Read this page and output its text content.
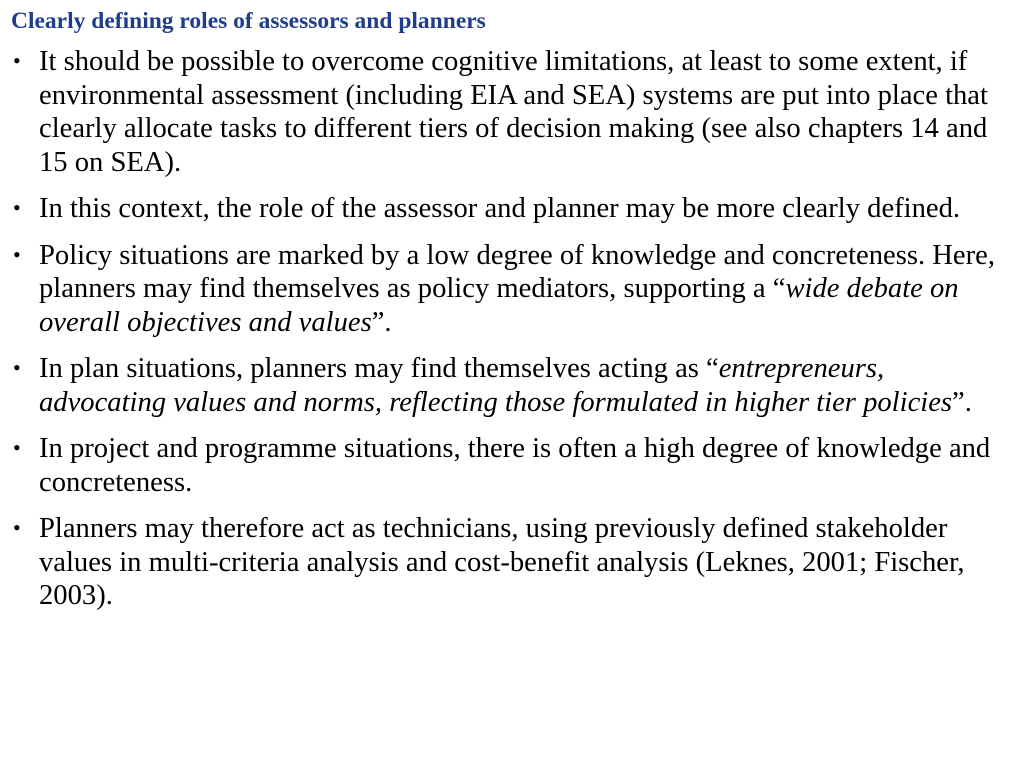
Clearly defining roles of assessors and planners
• It should be possible to overcome cognitive limitations, at least to some extent, if environmental assessment (including EIA and SEA) systems are put into place that clearly allocate tasks to different tiers of decision making (see also chapters 14 and 15 on SEA).
• In this context, the role of the assessor and planner may be more clearly defined.
• Policy situations are marked by a low degree of knowledge and concreteness. Here, planners may find themselves as policy mediators, supporting a “wide debate on overall objectives and values”.
• In plan situations, planners may find themselves acting as “entrepreneurs, advocating values and norms, reflecting those formulated in higher tier policies”.
• In project and programme situations, there is often a high degree of knowledge and concreteness.
• Planners may therefore act as technicians, using previously defined stakeholder values in multi-criteria analysis and cost-benefit analysis (Leknes, 2001; Fischer, 2003).
